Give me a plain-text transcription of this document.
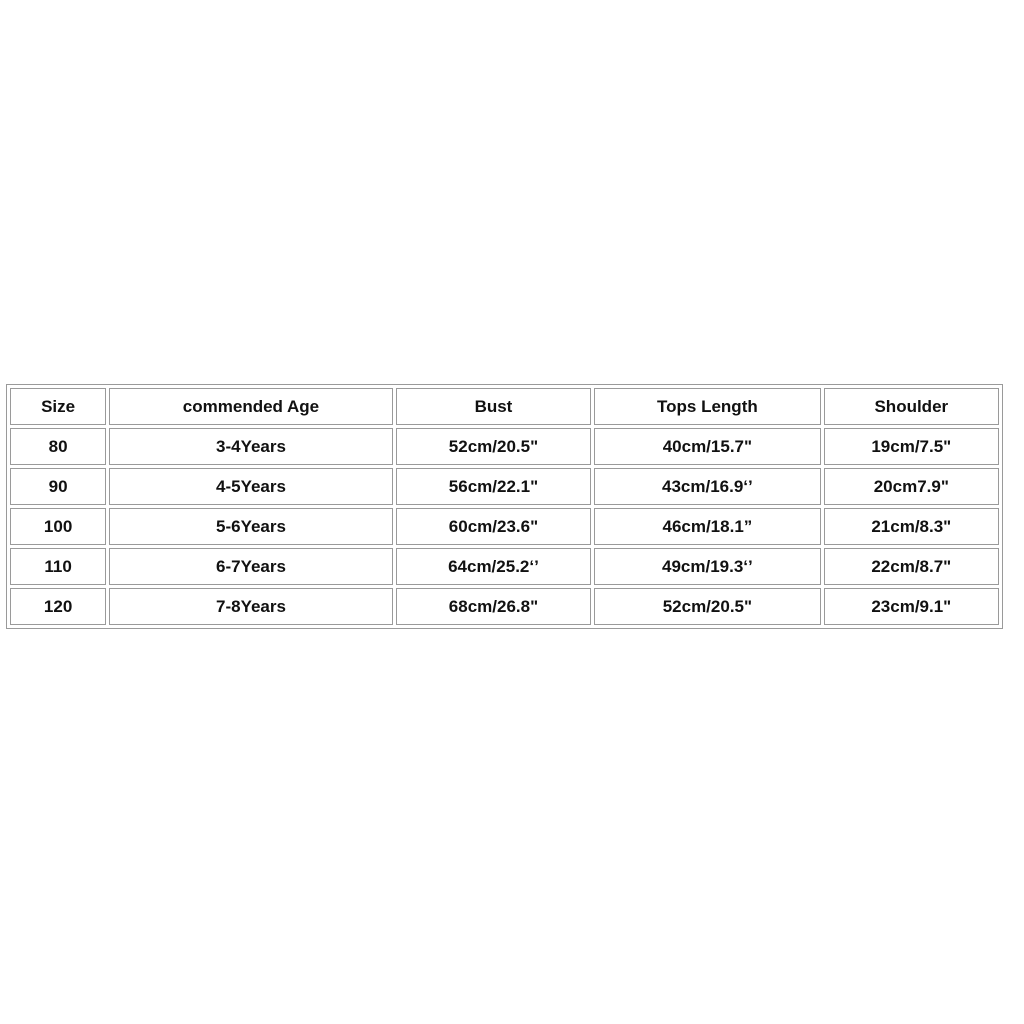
Size	commended Age	Bust	Tops Length	Shoulder
80	3-4Years	52cm/20.5"	40cm/15.7"	19cm/7.5"
90	4-5Years	56cm/22.1"	43cm/16.9‘’	20cm7.9"
100	5-6Years	60cm/23.6"	46cm/18.1”	21cm/8.3"
110	6-7Years	64cm/25.2‘’	49cm/19.3‘’	22cm/8.7"
120	7-8Years	68cm/26.8"	52cm/20.5"	23cm/9.1"
